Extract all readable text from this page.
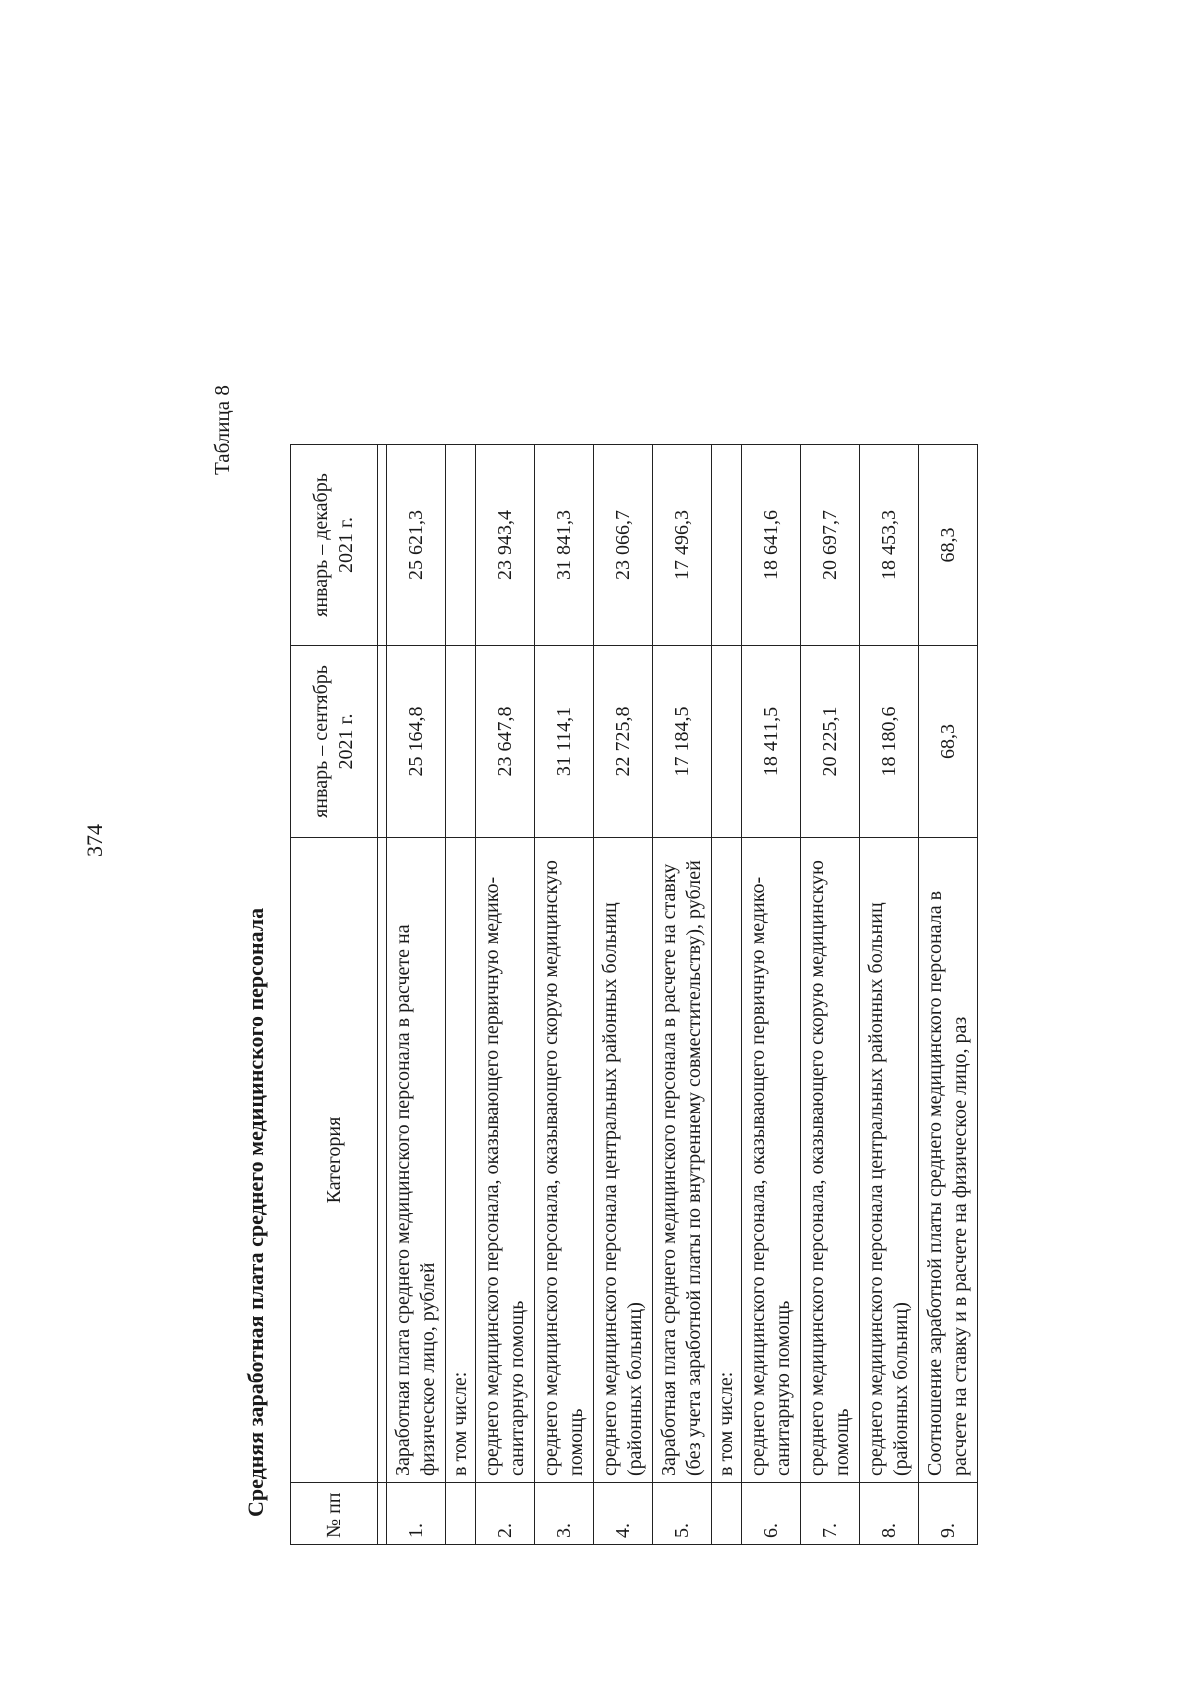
374
Таблица 8
Средняя заработная плата среднего медицинского персонала	№ пп	Категория	январь – сентябрь 2021 г.	январь – декабрь 2021 г.

1.	Заработная плата среднего медицинского персонала в расчете на физическое лицо, рублей	25 164,8	25 621,3
	в том числе:		
2.	среднего медицинского персонала, оказывающего первичную медико-санитарную помощь	23 647,8	23 943,4
3.	среднего медицинского персонала, оказывающего скорую медицинскую помощь	31 114,1	31 841,3
4.	среднего медицинского персонала центральных районных больниц (районных больниц)	22 725,8	23 066,7
5.	Заработная плата среднего медицинского персонала в расчете на ставку (без учета заработной платы по внутреннему совместительству), рублей	17 184,5	17 496,3
	в том числе:		
6.	среднего медицинского персонала, оказывающего первичную медико-санитарную помощь	18 411,5	18 641,6
7.	среднего медицинского персонала, оказывающего скорую медицинскую помощь	20 225,1	20 697,7
8.	среднего медицинского персонала центральных районных больниц (районных больниц)	18 180,6	18 453,3
9.	Соотношение заработной платы среднего медицинского персонала в расчете на ставку и в расчете на физическое лицо, раз	68,3	68,3
